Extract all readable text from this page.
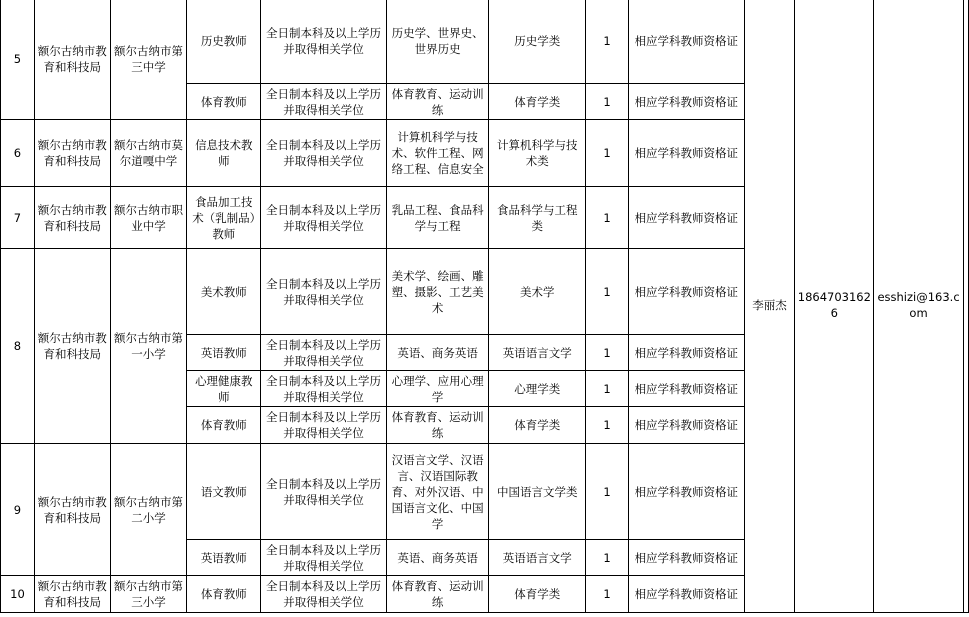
5	额尔古纳市教育和科技局	额尔古纳市第三中学	历史教师	全日制本科及以上学历并取得相关学位	历史学、世界史、世界历史	历史学类	1	相应学科教师资格证	李丽杰	18647031626	esshizi@163.com	
			体育教师	全日制本科及以上学历并取得相关学位	体育教育、运动训练	体育学类	1	相应学科教师资格证				
6	额尔古纳市教育和科技局	额尔古纳市莫尔道嘎中学	信息技术教师	全日制本科及以上学历并取得相关学位	计算机科学与技术、软件工程、网络工程、信息安全	计算机科学与技术类	1	相应学科教师资格证				
7	额尔古纳市教育和科技局	额尔古纳市职业中学	食品加工技术（乳制品）教师	全日制本科及以上学历并取得相关学位	乳品工程、食品科学与工程	食品科学与工程类	1	相应学科教师资格证				
8	额尔古纳市教育和科技局	额尔古纳市第一小学	美术教师	全日制本科及以上学历并取得相关学位	美术学、绘画、雕塑、摄影、工艺美术	美术学	1	相应学科教师资格证				
			英语教师	全日制本科及以上学历并取得相关学位	英语、商务英语	英语语言文学	1	相应学科教师资格证				
			心理健康教师	全日制本科及以上学历并取得相关学位	心理学、应用心理学	心理学类	1	相应学科教师资格证				
			体育教师	全日制本科及以上学历并取得相关学位	体育教育、运动训练	体育学类	1	相应学科教师资格证				
9	额尔古纳市教育和科技局	额尔古纳市第二小学	语文教师	全日制本科及以上学历并取得相关学位	汉语言文学、汉语言、汉语国际教育、对外汉语、中国语言文化、中国学	中国语言文学类	1	相应学科教师资格证				
			英语教师	全日制本科及以上学历并取得相关学位	英语、商务英语	英语语言文学	1	相应学科教师资格证				
10	额尔古纳市教育和科技局	额尔古纳市第三小学	体育教师	全日制本科及以上学历并取得相关学位	体育教育、运动训练	体育学类	1	相应学科教师资格证				
